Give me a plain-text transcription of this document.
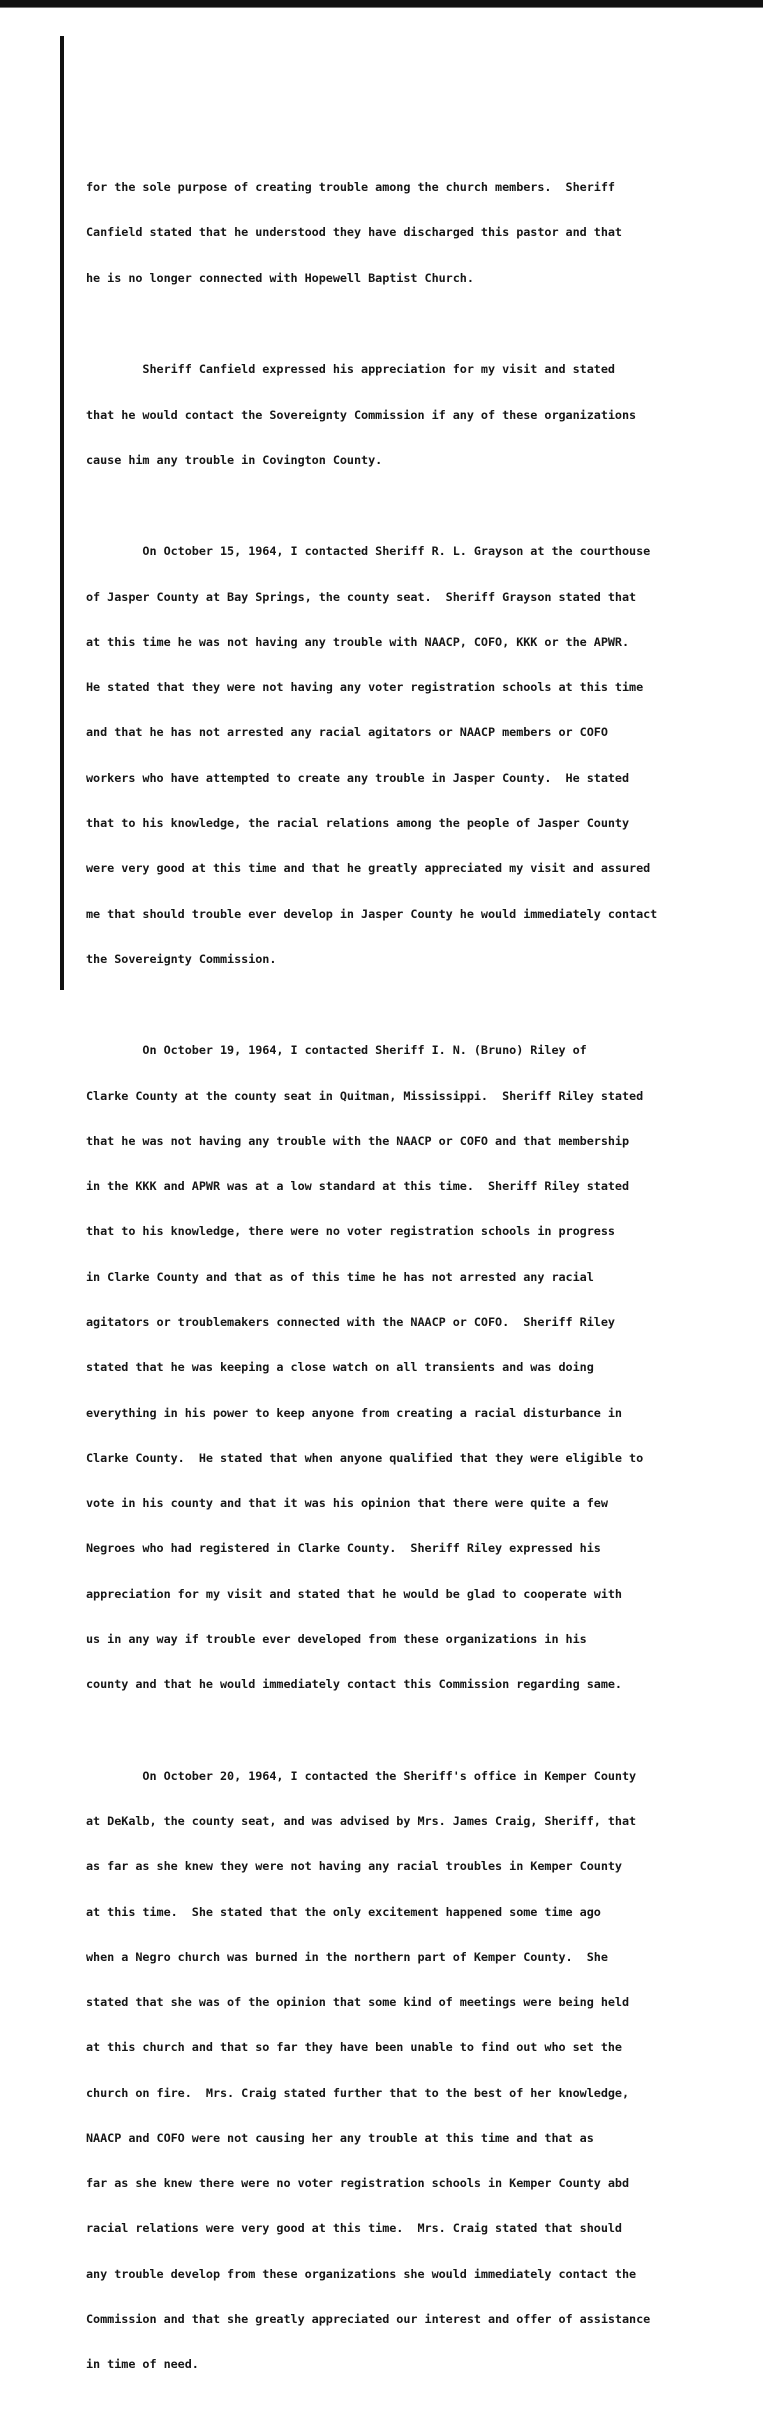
for the sole purpose of creating trouble among the church members.  Sheriff

Canfield stated that he understood they have discharged this pastor and that

he is no longer connected with Hopewell Baptist Church.

Sheriff Canfield expressed his appreciation for my visit and stated

that he would contact the Sovereignty Commission if any of these organizations

cause him any trouble in Covington County.

On October 15, 1964, I contacted Sheriff R. L. Grayson at the courthouse

of Jasper County at Bay Springs, the county seat.  Sheriff Grayson stated that

at this time he was not having any trouble with NAACP, COFO, KKK or the APWR.

He stated that they were not having any voter registration schools at this time

and that he has not arrested any racial agitators or NAACP members or COFO

workers who have attempted to create any trouble in Jasper County.  He stated

that to his knowledge, the racial relations among the people of Jasper County

were very good at this time and that he greatly appreciated my visit and assured

me that should trouble ever develop in Jasper County he would immediately contact

the Sovereignty Commission.

On October 19, 1964, I contacted Sheriff I. N. (Bruno) Riley of

Clarke County at the county seat in Quitman, Mississippi.  Sheriff Riley stated

that he was not having any trouble with the NAACP or COFO and that membership

in the KKK and APWR was at a low standard at this time.  Sheriff Riley stated

that to his knowledge, there were no voter registration schools in progress

in Clarke County and that as of this time he has not arrested any racial

agitators or troublemakers connected with the NAACP or COFO.  Sheriff Riley

stated that he was keeping a close watch on all transients and was doing

everything in his power to keep anyone from creating a racial disturbance in

Clarke County.  He stated that when anyone qualified that they were eligible to

vote in his county and that it was his opinion that there were quite a few

Negroes who had registered in Clarke County.  Sheriff Riley expressed his

appreciation for my visit and stated that he would be glad to cooperate with

us in any way if trouble ever developed from these organizations in his

county and that he would immediately contact this Commission regarding same.

On October 20, 1964, I contacted the Sheriff's office in Kemper County

at DeKalb, the county seat, and was advised by Mrs. James Craig, Sheriff, that

as far as she knew they were not having any racial troubles in Kemper County

at this time.  She stated that the only excitement happened some time ago

when a Negro church was burned in the northern part of Kemper County.  She

stated that she was of the opinion that some kind of meetings were being held

at this church and that so far they have been unable to find out who set the

church on fire.  Mrs. Craig stated further that to the best of her knowledge,

NAACP and COFO were not causing her any trouble at this time and that as

far as she knew there were no voter registration schools in Kemper County abd

racial relations were very good at this time.  Mrs. Craig stated that should

any trouble develop from these organizations she would immediately contact the

Commission and that she greatly appreciated our interest and offer of assistance

in time of need.
